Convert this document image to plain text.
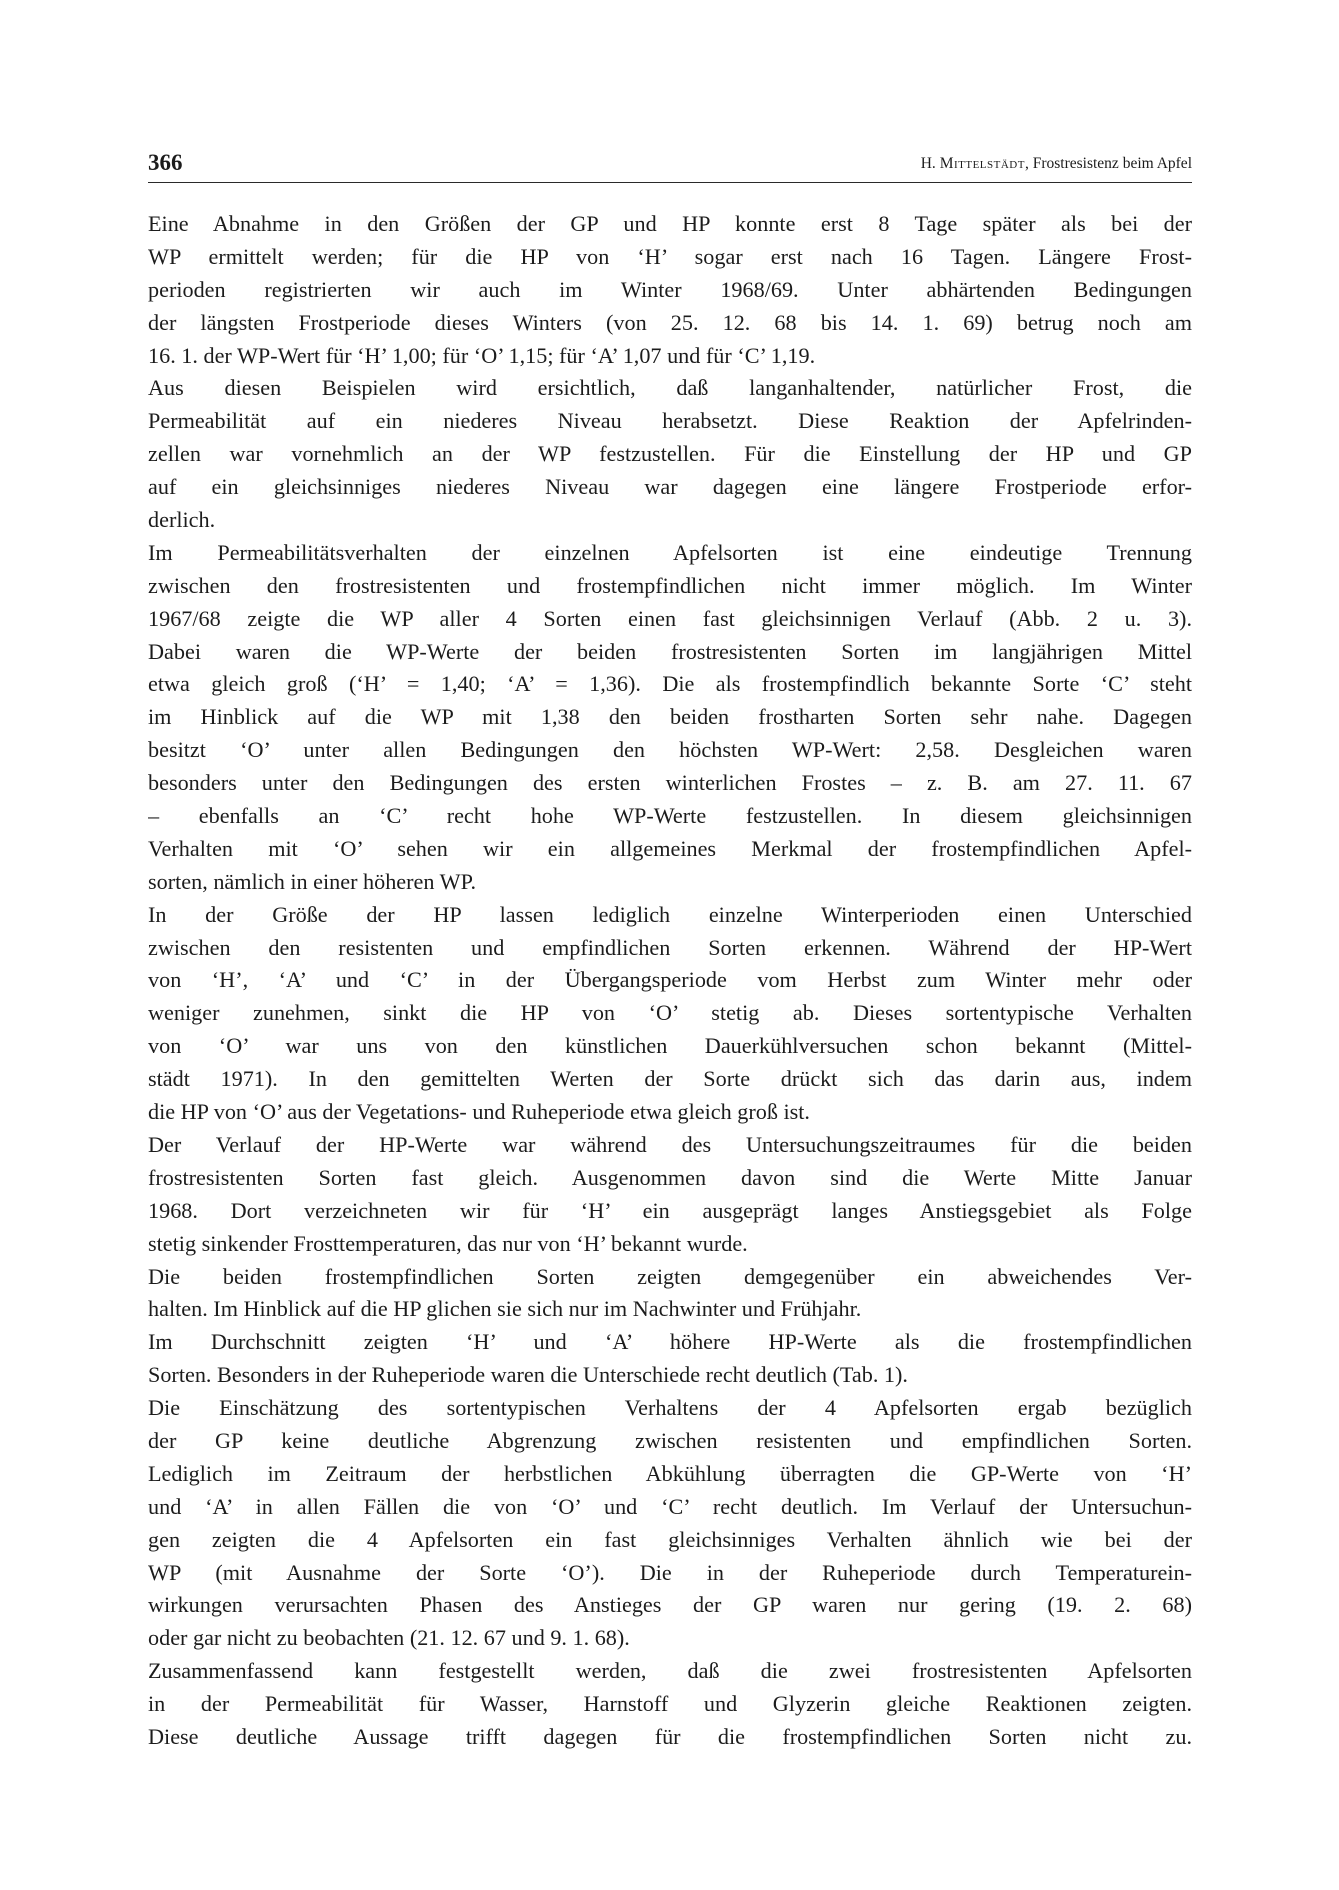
366	H. Mittelstädt, Frostresistenz beim Apfel
Eine Abnahme in den Größen der GP und HP konnte erst 8 Tage später als bei der
WP ermittelt werden; für die HP von ‘H’ sogar erst nach 16 Tagen. Längere Frost-
perioden registrierten wir auch im Winter 1968/69. Unter abhärtenden Bedingungen
der längsten Frostperiode dieses Winters (von 25. 12. 68 bis 14. 1. 69) betrug noch am
16. 1. der WP-Wert für ‘H’ 1,00; für ‘O’ 1,15; für ‘A’ 1,07 und für ‘C’ 1,19.
Aus diesen Beispielen wird ersichtlich, daß langanhaltender, natürlicher Frost, die
Permeabilität auf ein niederes Niveau herabsetzt. Diese Reaktion der Apfelrinden-
zellen war vornehmlich an der WP festzustellen. Für die Einstellung der HP und GP
auf ein gleichsinniges niederes Niveau war dagegen eine längere Frostperiode erfor-
derlich.
Im Permeabilitätsverhalten der einzelnen Apfelsorten ist eine eindeutige Trennung
zwischen den frostresistenten und frostempfindlichen nicht immer möglich. Im Winter
1967/68 zeigte die WP aller 4 Sorten einen fast gleichsinnigen Verlauf (Abb. 2 u. 3).
Dabei waren die WP-Werte der beiden frostresistenten Sorten im langjährigen Mittel
etwa gleich groß (‘H’ = 1,40; ‘A’ = 1,36). Die als frostempfindlich bekannte Sorte ‘C’ steht
im Hinblick auf die WP mit 1,38 den beiden frostharten Sorten sehr nahe. Dagegen
besitzt ‘O’ unter allen Bedingungen den höchsten WP-Wert: 2,58. Desgleichen waren
besonders unter den Bedingungen des ersten winterlichen Frostes – z. B. am 27. 11. 67
– ebenfalls an ‘C’ recht hohe WP-Werte festzustellen. In diesem gleichsinnigen
Verhalten mit ‘O’ sehen wir ein allgemeines Merkmal der frostempfindlichen Apfel-
sorten, nämlich in einer höheren WP.
In der Größe der HP lassen lediglich einzelne Winterperioden einen Unterschied
zwischen den resistenten und empfindlichen Sorten erkennen. Während der HP-Wert
von ‘H’, ‘A’ und ‘C’ in der Übergangsperiode vom Herbst zum Winter mehr oder
weniger zunehmen, sinkt die HP von ‘O’ stetig ab. Dieses sortentypische Verhalten
von ‘O’ war uns von den künstlichen Dauerkühlversuchen schon bekannt (Mittel-
städt 1971). In den gemittelten Werten der Sorte drückt sich das darin aus, indem
die HP von ‘O’ aus der Vegetations- und Ruheperiode etwa gleich groß ist.
Der Verlauf der HP-Werte war während des Untersuchungszeitraumes für die beiden
frostresistenten Sorten fast gleich. Ausgenommen davon sind die Werte Mitte Januar
1968. Dort verzeichneten wir für ‘H’ ein ausgeprägt langes Anstiegsgebiet als Folge
stetig sinkender Frosttemperaturen, das nur von ‘H’ bekannt wurde.
Die beiden frostempfindlichen Sorten zeigten demgegenüber ein abweichendes Ver-
halten. Im Hinblick auf die HP glichen sie sich nur im Nachwinter und Frühjahr.
Im Durchschnitt zeigten ‘H’ und ‘A’ höhere HP-Werte als die frostempfindlichen
Sorten. Besonders in der Ruheperiode waren die Unterschiede recht deutlich (Tab. 1).
Die Einschätzung des sortentypischen Verhaltens der 4 Apfelsorten ergab bezüglich
der GP keine deutliche Abgrenzung zwischen resistenten und empfindlichen Sorten.
Lediglich im Zeitraum der herbstlichen Abkühlung überragten die GP-Werte von ‘H’
und ‘A’ in allen Fällen die von ‘O’ und ‘C’ recht deutlich. Im Verlauf der Untersuchun-
gen zeigten die 4 Apfelsorten ein fast gleichsinniges Verhalten ähnlich wie bei der
WP (mit Ausnahme der Sorte ‘O’). Die in der Ruheperiode durch Temperaturein-
wirkungen verursachten Phasen des Anstieges der GP waren nur gering (19. 2. 68)
oder gar nicht zu beobachten (21. 12. 67 und 9. 1. 68).
Zusammenfassend kann festgestellt werden, daß die zwei frostresistenten Apfelsorten
in der Permeabilität für Wasser, Harnstoff und Glyzerin gleiche Reaktionen zeigten.
Diese deutliche Aussage trifft dagegen für die frostempfindlichen Sorten nicht zu.
